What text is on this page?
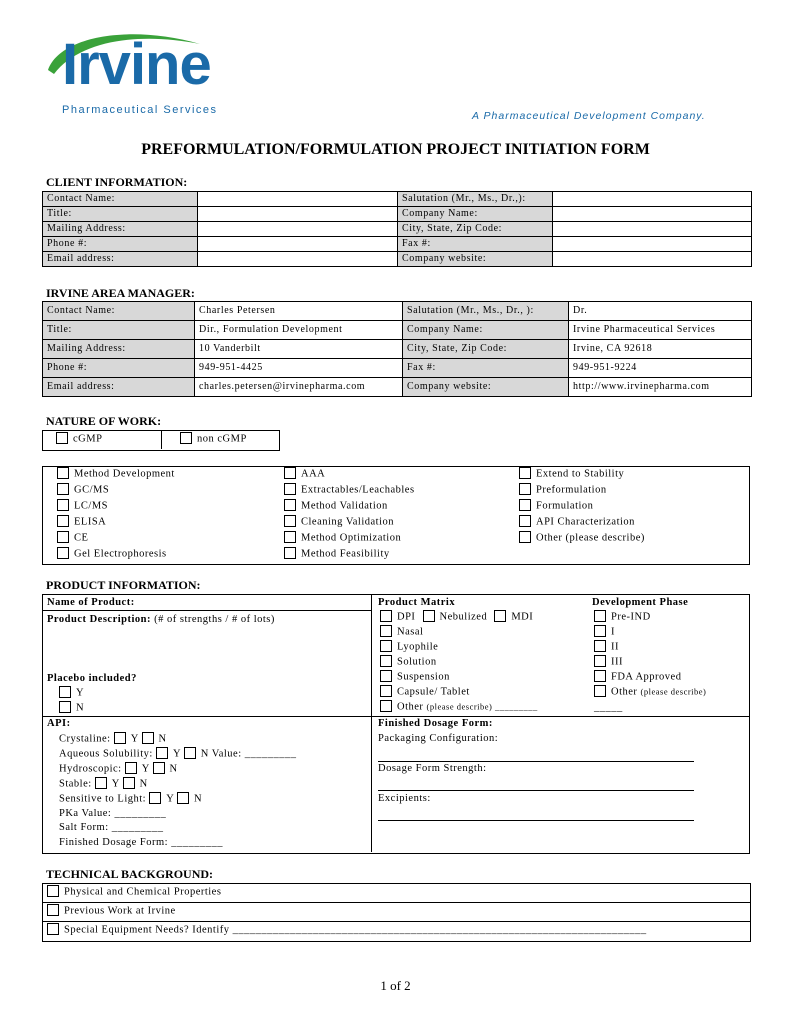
Irvine
Pharmaceutical Services	A Pharmaceutical Development Company.
PREFORMULATION/FORMULATION PROJECT INITIATION FORM
CLIENT INFORMATION:
Contact Name:		Salutation (Mr., Ms., Dr.,):	
Title:		Company Name:	
Mailing Address:		City, State, Zip Code:	
Phone #:		Fax #:	
Email address:		Company website:	
IRVINE AREA MANAGER:
Contact Name:	Charles Petersen	Salutation (Mr., Ms., Dr., ):	Dr.
Title:	Dir., Formulation Development	Company Name:	Irvine Pharmaceutical Services
Mailing Address:	10 Vanderbilt	City, State, Zip Code:	Irvine, CA 92618
Phone #:	949-951-4425	Fax #:	949-951-9224
Email address:	charles.petersen@irvinepharma.com	Company website:	http://www.irvinepharma.com
NATURE OF WORK:
cGMP	non cGMP
Method Development
GC/MS
LC/MS
ELISA
CE
Gel Electrophoresis
AAA
Extractables/Leachables
Method Validation
Cleaning Validation
Method Optimization
Method Feasibility
Extend to Stability
Preformulation
Formulation
API Characterization
Other (please describe)
PRODUCT INFORMATION:
Name of Product:
Product Description: (# of strengths / # of lots)
Placebo included?
Y
N
Product Matrix
DPI Nebulized MDI
Nasal
Lyophile
Solution
Suspension
Capsule/ Tablet
Other (please describe) _________
Development Phase
Pre-IND
I
II
III
FDA Approved
Other (please describe)
_____
API:
Crystaline: Y N
Aqueous Solubility: Y N Value: _________
Hydroscopic: Y N
Stable: Y N
Sensitive to Light: Y N
PKa Value: _________
Salt Form: _________
Finished Dosage Form: _________
Finished Dosage Form:
Packaging Configuration:
Dosage Form Strength:
Excipients:
TECHNICAL BACKGROUND:
Physical and Chemical Properties
Previous Work at Irvine
Special Equipment Needs? Identify ________________________________________________________________________
1 of 2
